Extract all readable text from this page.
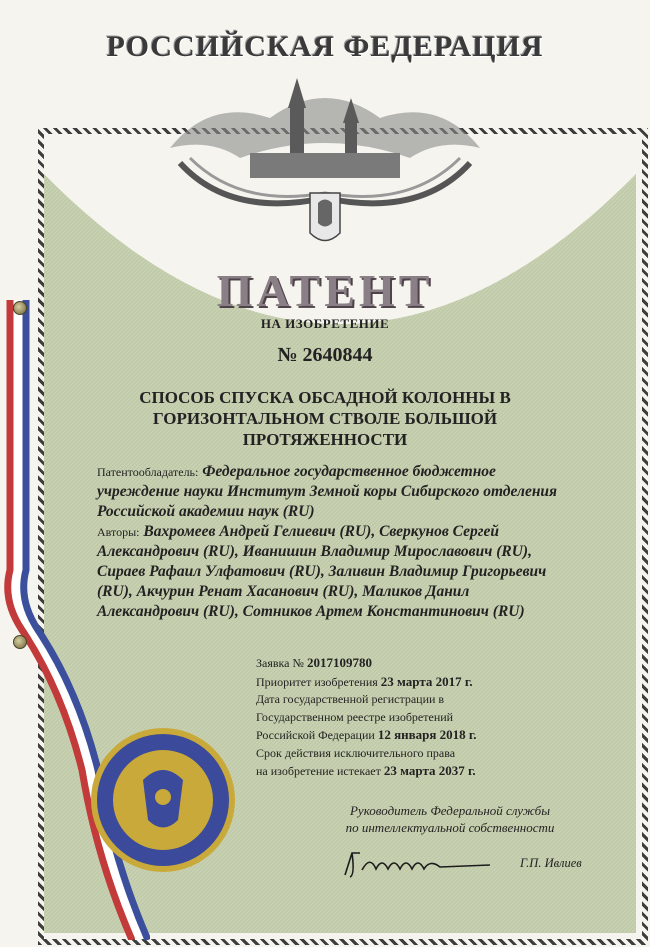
РОССИЙСКАЯ ФЕДЕРАЦИЯ
ПАТЕНТ
НА ИЗОБРЕТЕНИЕ
№ 2640844
СПОСОБ СПУСКА ОБСАДНОЙ КОЛОННЫ В
ГОРИЗОНТАЛЬНОМ СТВОЛЕ БОЛЬШОЙ
ПРОТЯЖЕННОСТИ
Патентообладатель: Федеральное государственное бюджетное учреждение науки Институт Земной коры Сибирского отделения Российской академии наук (RU)
Авторы: Вахромеев Андрей Гелиевич (RU), Сверкунов Сергей Александрович (RU), Иванишин Владимир Мирославович (RU), Сираев Рафаил Улфатович (RU), Заливин Владимир Григорьевич (RU), Акчурин Ренат Хасанович (RU), Маликов Данил Александрович (RU), Сотников Артем Константинович (RU)
Заявка № 2017109780
Приоритет изобретения 23 марта 2017 г.
Дата государственной регистрации в
Государственном реестре изобретений
Российской Федерации 12 января 2018 г.
Срок действия исключительного права
на изобретение истекает 23 марта 2037 г.
Руководитель Федеральной службы
по интеллектуальной собственности
Г.П. Ивлиев
